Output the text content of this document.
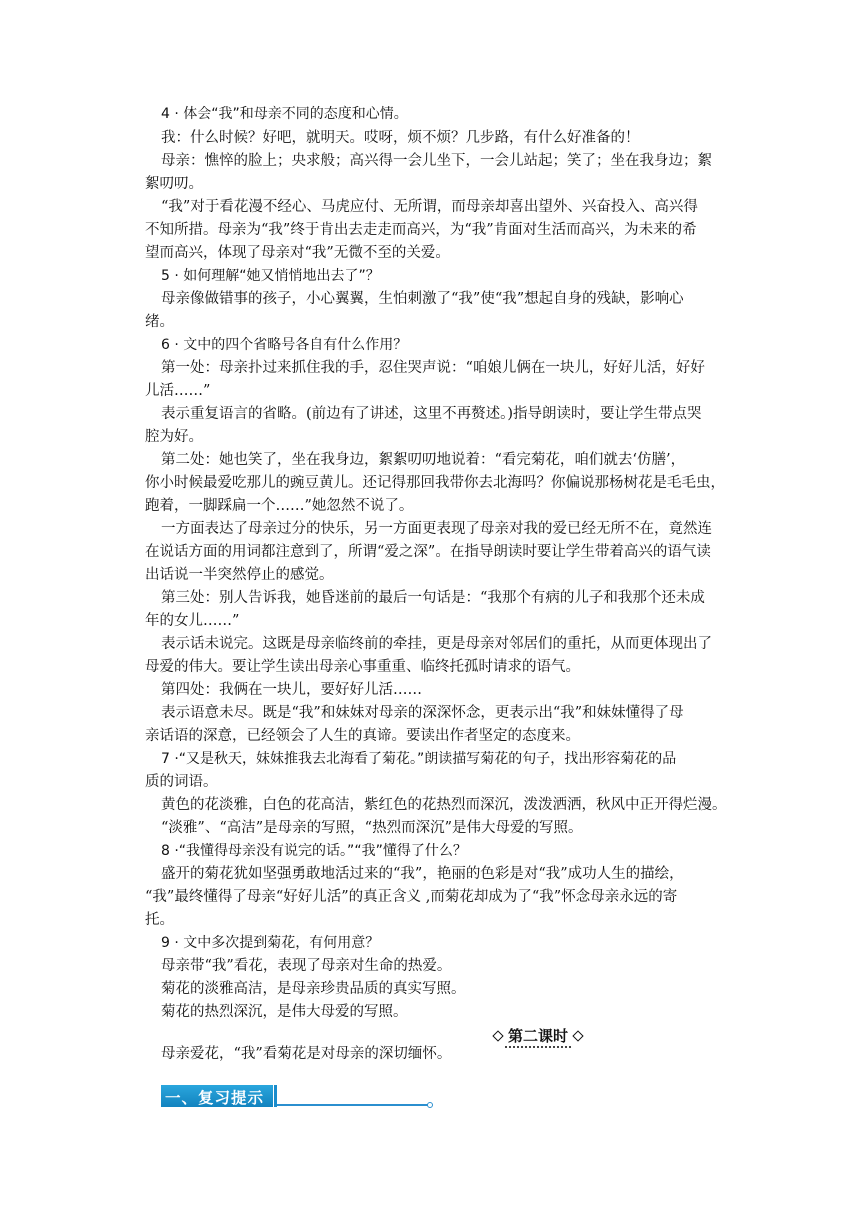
4 · 体会“我”和母亲不同的态度和心情。
我：什么时候？好吧，就明天。哎呀，烦不烦？几步路，有什么好准备的！
母亲：憔悴的脸上；央求般；高兴得一会儿坐下，一会儿站起；笑了；坐在我身边；絮
絮叨叨。
“我”对于看花漫不经心、马虎应付、无所谓，而母亲却喜出望外、兴奋投入、高兴得
不知所措。母亲为“我”终于肯出去走走而高兴，为“我”肯面对生活而高兴，为未来的希
望而高兴，体现了母亲对“我”无微不至的关爱。
5 · 如何理解“她又悄悄地出去了”？
母亲像做错事的孩子，小心翼翼，生怕刺激了“我”使“我”想起自身的残缺，影响心
绪。
6 · 文中的四个省略号各自有什么作用？
第一处：母亲扑过来抓住我的手，忍住哭声说：“咱娘儿俩在一块儿，好好儿活，好好
儿活……”
表示重复语言的省略。(前边有了讲述，这里不再赘述。)指导朗读时，要让学生带点哭
腔为好。
第二处：她也笑了，坐在我身边，絮絮叨叨地说着：“看完菊花，咱们就去‘仿膳’，
你小时候最爱吃那儿的豌豆黄儿。还记得那回我带你去北海吗？你偏说那杨树花是毛毛虫，
跑着，一脚踩扁一个……”她忽然不说了。
一方面表达了母亲过分的快乐，另一方面更表现了母亲对我的爱已经无所不在，竟然连
在说话方面的用词都注意到了，所谓“爱之深”。在指导朗读时要让学生带着高兴的语气读
出话说一半突然停止的感觉。
第三处：别人告诉我，她昏迷前的最后一句话是：“我那个有病的儿子和我那个还未成
年的女儿……”
表示话未说完。这既是母亲临终前的牵挂，更是母亲对邻居们的重托，从而更体现出了
母爱的伟大。要让学生读出母亲心事重重、临终托孤时请求的语气。
第四处：我俩在一块儿，要好好儿活……
表示语意未尽。既是“我”和妹妹对母亲的深深怀念，更表示出“我”和妹妹懂得了母
亲话语的深意，已经领会了人生的真谛。要读出作者坚定的态度来。
7 ·“又是秋天，妹妹推我去北海看了菊花。”朗读描写菊花的句子，找出形容菊花的品
质的词语。
黄色的花淡雅，白色的花高洁，紫红色的花热烈而深沉，泼泼洒洒，秋风中正开得烂漫。
“淡雅”、“高洁”是母亲的写照，“热烈而深沉”是伟大母爱的写照。
8 ·“我懂得母亲没有说完的话。”“我”懂得了什么？
盛开的菊花犹如坚强勇敢地活过来的“我”，艳丽的色彩是对“我”成功人生的描绘，
“我”最终懂得了母亲“好好儿活”的真正含义 ,而菊花却成为了“我”怀念母亲永远的寄
托。
9 · 文中多次提到菊花，有何用意？
母亲带“我”看花，表现了母亲对生命的热爱。
菊花的淡雅高洁，是母亲珍贵品质的真实写照。
菊花的热烈深沉，是伟大母爱的写照。
第二课时
母亲爱花，“我”看菊花是对母亲的深切缅怀。
一、复习提示
